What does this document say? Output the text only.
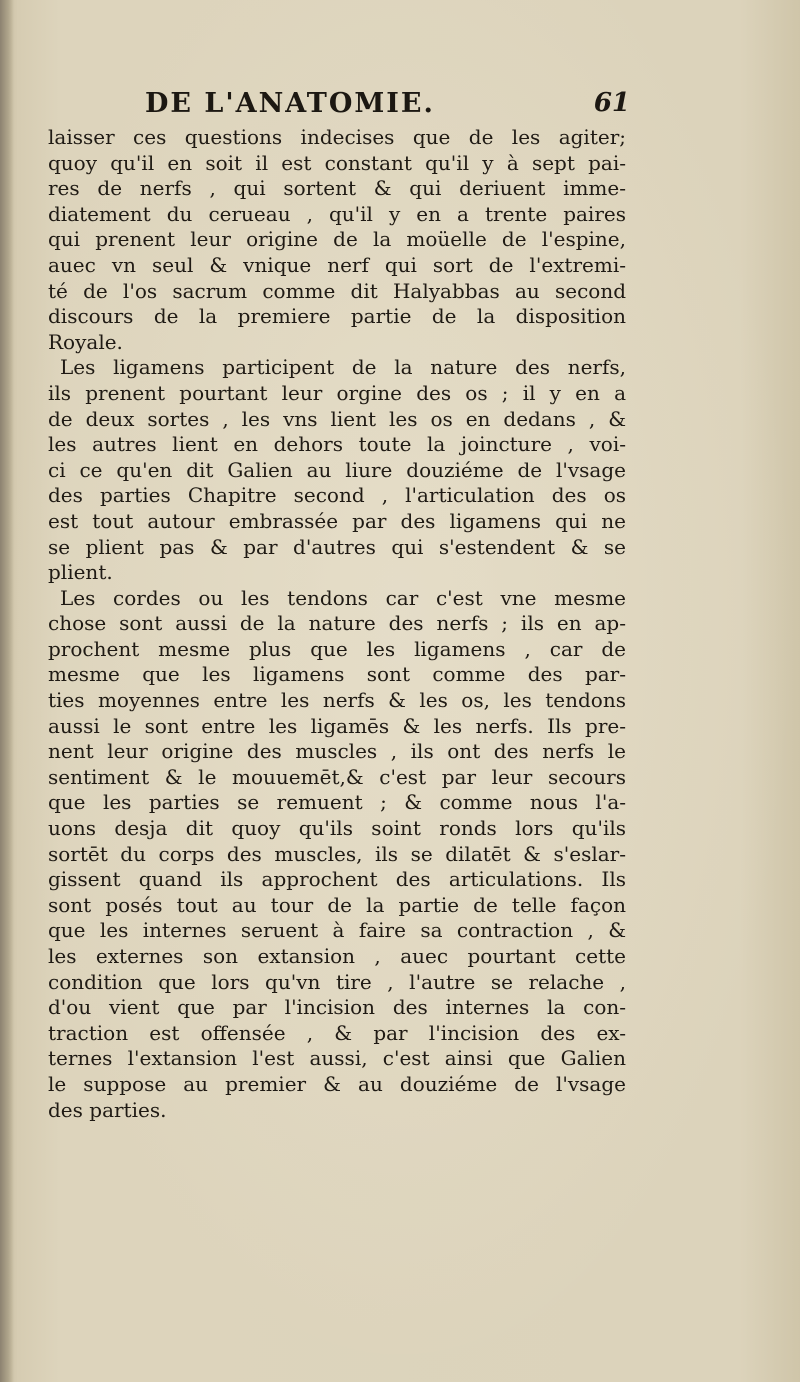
DE L'ANATOMIE.	61
laisser ces questions indecises que de les agiter;
quoy qu'il en soit il est constant qu'il y à sept pai-
res de nerfs , qui sortent & qui deriuent imme-
diatement du cerueau , qu'il y en a trente paires
qui prenent leur origine de la moüelle de l'espine,
auec vn seul & vnique nerf qui sort de l'extremi-
té de l'os sacrum comme dit Halyabbas au second
discours de la premiere partie de la disposition
Royale.
Les ligamens participent de la nature des nerfs,
ils prenent pourtant leur orgine des os ; il y en a
de deux sortes , les vns lient les os en dedans , &
les autres lient en dehors toute la joincture , voi-
ci ce qu'en dit Galien au liure douziéme de l'vsage
des parties Chapitre second , l'articulation des os
est tout autour embrassée par des ligamens qui ne
se plient pas & par d'autres qui s'estendent & se
plient.
Les cordes ou les tendons car c'est vne mesme
chose sont aussi de la nature des nerfs ; ils en ap-
prochent mesme plus que les ligamens , car de
mesme que les ligamens sont comme des par-
ties moyennes entre les nerfs & les os, les tendons
aussi le sont entre les ligamēs & les nerfs. Ils pre-
nent leur origine des muscles , ils ont des nerfs le
sentiment & le mouuemēt,& c'est par leur secours
que les parties se remuent ; & comme nous l'a-
uons desja dit quoy qu'ils soint ronds lors qu'ils
sortēt du corps des muscles, ils se dilatēt & s'eslar-
gissent quand ils approchent des articulations. Ils
sont posés tout au tour de la partie de telle façon
que les internes seruent à faire sa contraction , &
les externes son extansion , auec pourtant cette
condition que lors qu'vn tire , l'autre se relache ,
d'ou vient que par l'incision des internes la con-
traction est offensée , & par l'incision des ex-
ternes l'extansion l'est aussi, c'est ainsi que Galien
le suppose au premier & au douziéme de l'vsage
des parties.
